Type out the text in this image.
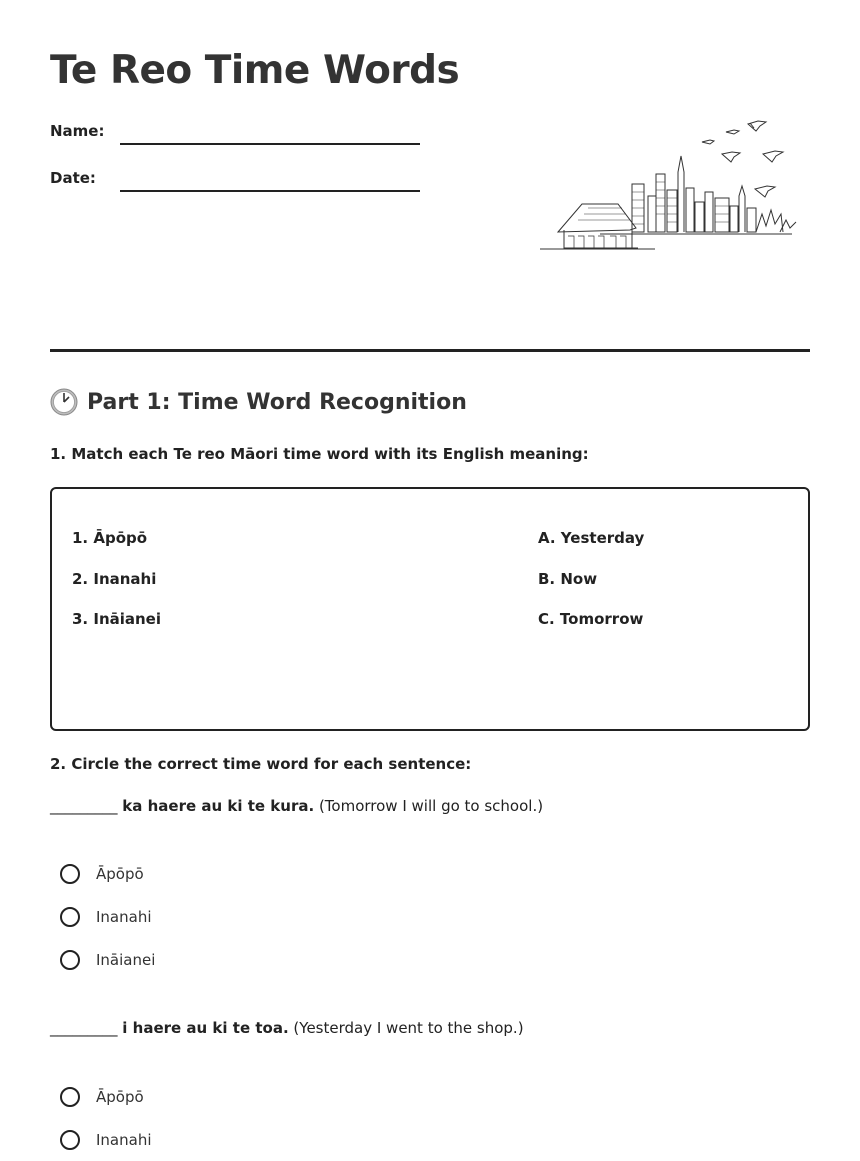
Te Reo Time Words
Name:
Date:
Part 1: Time Word Recognition
1. Match each Te reo Māori time word with its English meaning:
1. Āpōpō
2. Inanahi
3. Ināianei
A. Yesterday
B. Now
C. Tomorrow
2. Circle the correct time word for each sentence:
_________ ka haere au ki te kura. (Tomorrow I will go to school.)
Āpōpō
Inanahi
Ināianei
_________ i haere au ki te toa. (Yesterday I went to the shop.)
Āpōpō
Inanahi
